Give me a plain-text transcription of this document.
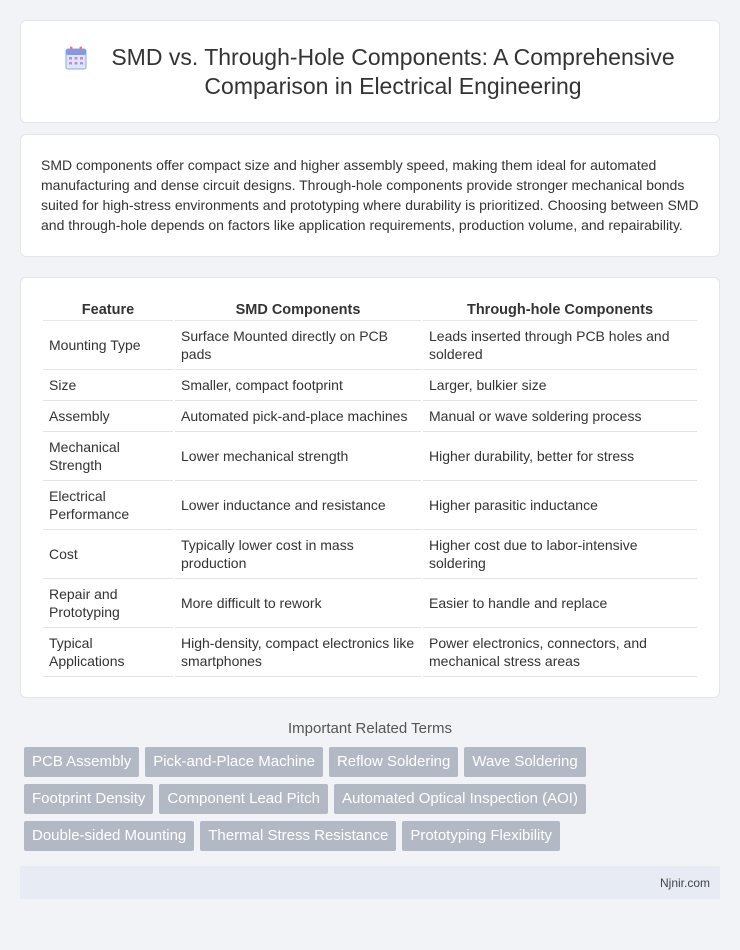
SMD vs. Through-Hole Components: A Comprehensive
Comparison in Electrical Engineering

SMD components offer compact size and higher assembly speed, making them ideal for automated manufacturing and dense circuit designs. Through-hole components provide stronger mechanical bonds suited for high-stress environments and prototyping where durability is prioritized. Choosing between SMD and through-hole depends on factors like application requirements, production volume, and repairability.

Feature	SMD Components	Through-hole Components
Mounting Type	Surface Mounted directly on PCB pads	Leads inserted through PCB holes and soldered
Size	Smaller, compact footprint	Larger, bulkier size
Assembly	Automated pick-and-place machines	Manual or wave soldering process
Mechanical Strength	Lower mechanical strength	Higher durability, better for stress
Electrical Performance	Lower inductance and resistance	Higher parasitic inductance
Cost	Typically lower cost in mass production	Higher cost due to labor-intensive soldering
Repair and Prototyping	More difficult to rework	Easier to handle and replace
Typical Applications	High-density, compact electronics like smartphones	Power electronics, connectors, and mechanical stress areas
Important Related Terms
PCB Assembly	Pick-and-Place Machine	Reflow Soldering	Wave Soldering
Footprint Density	Component Lead Pitch	Automated Optical Inspection (AOI)
Double-sided Mounting	Thermal Stress Resistance	Prototyping Flexibility
Njnir.com
